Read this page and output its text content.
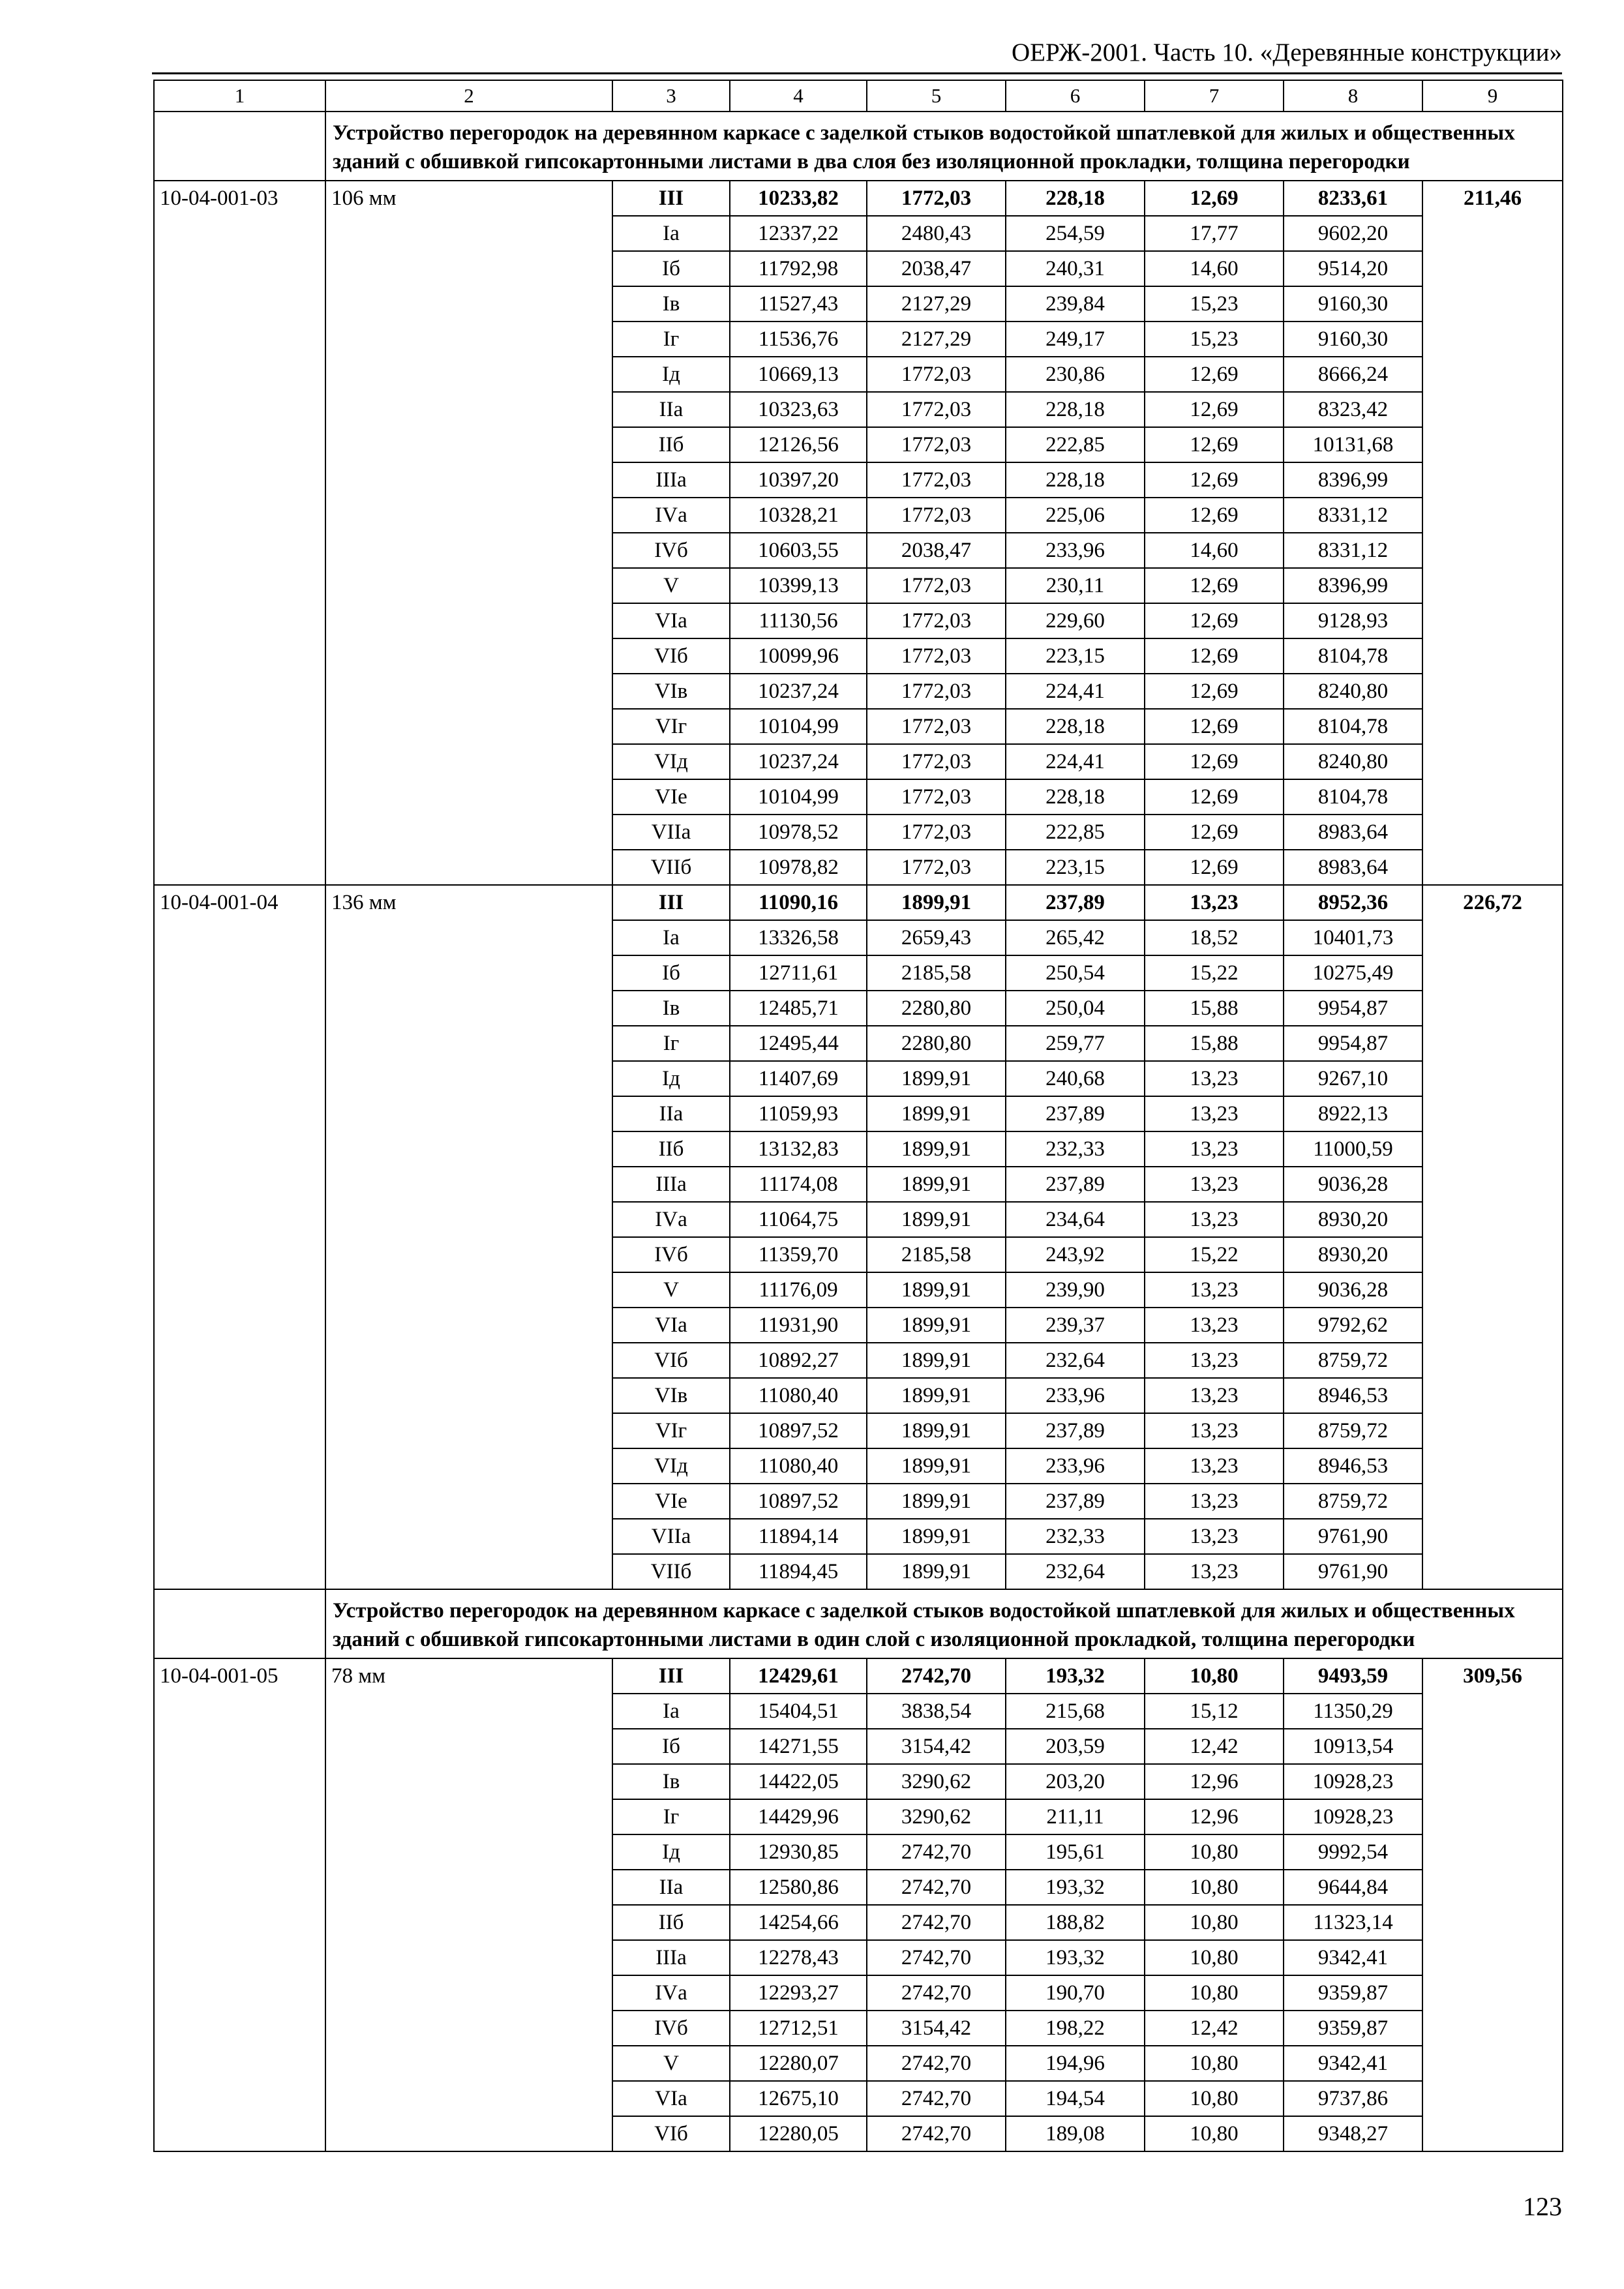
ОЕРЖ-2001. Часть 10. «Деревянные конструкции»
1	2	3	4	5	6	7	8	9
	Устройство перегородок на деревянном каркасе с заделкой стыков водостойкой шпатлевкой для жилых и общественных зданий с обшивкой гипсокартонными листами в два слоя без изоляционной прокладки, толщина перегородки							
10-04-001-03	106 мм	III	10233,82	1772,03	228,18	12,69	8233,61	211,46
		Iа	12337,22	2480,43	254,59	17,77	9602,20	
		Iб	11792,98	2038,47	240,31	14,60	9514,20	
		Iв	11527,43	2127,29	239,84	15,23	9160,30	
		Iг	11536,76	2127,29	249,17	15,23	9160,30	
		Iд	10669,13	1772,03	230,86	12,69	8666,24	
		IIа	10323,63	1772,03	228,18	12,69	8323,42	
		IIб	12126,56	1772,03	222,85	12,69	10131,68	
		IIIа	10397,20	1772,03	228,18	12,69	8396,99	
		IVа	10328,21	1772,03	225,06	12,69	8331,12	
		IVб	10603,55	2038,47	233,96	14,60	8331,12	
		V	10399,13	1772,03	230,11	12,69	8396,99	
		VIа	11130,56	1772,03	229,60	12,69	9128,93	
		VIб	10099,96	1772,03	223,15	12,69	8104,78	
		VIв	10237,24	1772,03	224,41	12,69	8240,80	
		VIг	10104,99	1772,03	228,18	12,69	8104,78	
		VIд	10237,24	1772,03	224,41	12,69	8240,80	
		VIе	10104,99	1772,03	228,18	12,69	8104,78	
		VIIа	10978,52	1772,03	222,85	12,69	8983,64	
		VIIб	10978,82	1772,03	223,15	12,69	8983,64	
10-04-001-04	136 мм	III	11090,16	1899,91	237,89	13,23	8952,36	226,72
		Iа	13326,58	2659,43	265,42	18,52	10401,73	
		Iб	12711,61	2185,58	250,54	15,22	10275,49	
		Iв	12485,71	2280,80	250,04	15,88	9954,87	
		Iг	12495,44	2280,80	259,77	15,88	9954,87	
		Iд	11407,69	1899,91	240,68	13,23	9267,10	
		IIа	11059,93	1899,91	237,89	13,23	8922,13	
		IIб	13132,83	1899,91	232,33	13,23	11000,59	
		IIIа	11174,08	1899,91	237,89	13,23	9036,28	
		IVа	11064,75	1899,91	234,64	13,23	8930,20	
		IVб	11359,70	2185,58	243,92	15,22	8930,20	
		V	11176,09	1899,91	239,90	13,23	9036,28	
		VIа	11931,90	1899,91	239,37	13,23	9792,62	
		VIб	10892,27	1899,91	232,64	13,23	8759,72	
		VIв	11080,40	1899,91	233,96	13,23	8946,53	
		VIг	10897,52	1899,91	237,89	13,23	8759,72	
		VIд	11080,40	1899,91	233,96	13,23	8946,53	
		VIе	10897,52	1899,91	237,89	13,23	8759,72	
		VIIа	11894,14	1899,91	232,33	13,23	9761,90	
		VIIб	11894,45	1899,91	232,64	13,23	9761,90	
	Устройство перегородок на деревянном каркасе с заделкой стыков водостойкой шпатлевкой для жилых и общественных зданий с обшивкой гипсокартонными листами в один слой с изоляционной прокладкой, толщина перегородки							
10-04-001-05	78 мм	III	12429,61	2742,70	193,32	10,80	9493,59	309,56
		Iа	15404,51	3838,54	215,68	15,12	11350,29	
		Iб	14271,55	3154,42	203,59	12,42	10913,54	
		Iв	14422,05	3290,62	203,20	12,96	10928,23	
		Iг	14429,96	3290,62	211,11	12,96	10928,23	
		Iд	12930,85	2742,70	195,61	10,80	9992,54	
		IIа	12580,86	2742,70	193,32	10,80	9644,84	
		IIб	14254,66	2742,70	188,82	10,80	11323,14	
		IIIа	12278,43	2742,70	193,32	10,80	9342,41	
		IVа	12293,27	2742,70	190,70	10,80	9359,87	
		IVб	12712,51	3154,42	198,22	12,42	9359,87	
		V	12280,07	2742,70	194,96	10,80	9342,41	
		VIа	12675,10	2742,70	194,54	10,80	9737,86	
		VIб	12280,05	2742,70	189,08	10,80	9348,27	
123
